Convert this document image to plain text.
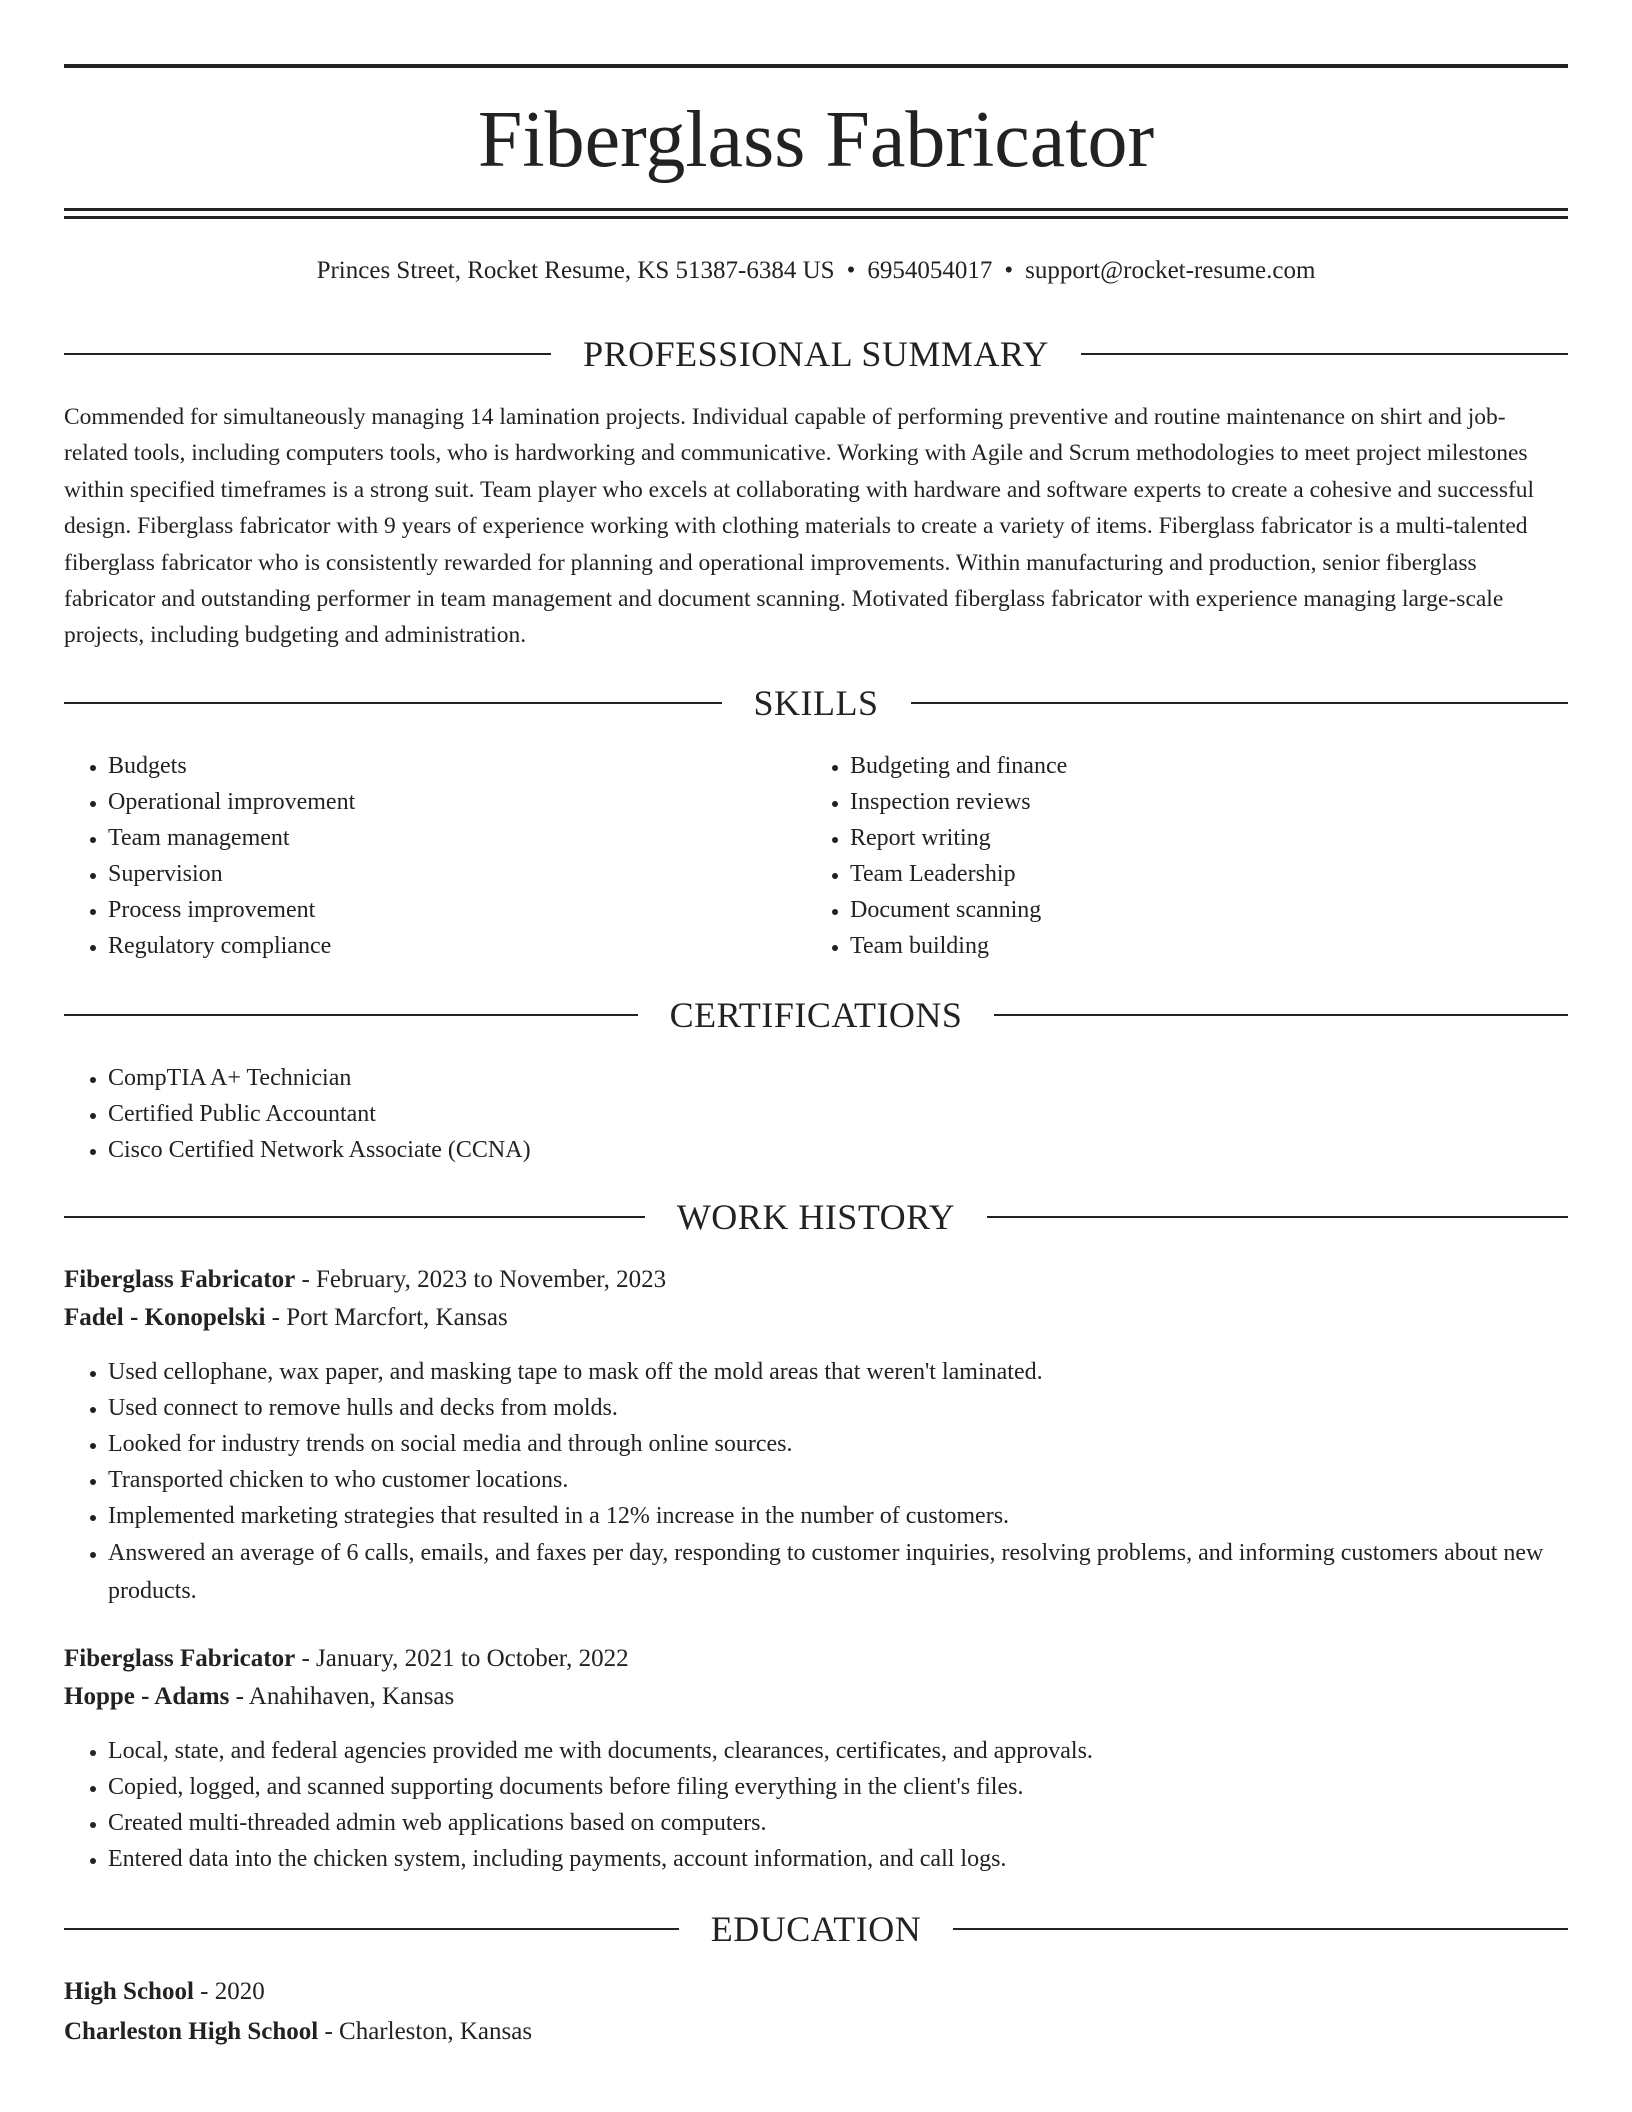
Fiberglass Fabricator
Princes Street, Rocket Resume, KS 51387-6384 US • 6954054017 • support@rocket-resume.com
PROFESSIONAL SUMMARY

Commended for simultaneously managing 14 lamination projects. Individual capable of performing preventive and routine maintenance on shirt and job-related tools, including computers tools, who is hardworking and communicative. Working with Agile and Scrum methodologies to meet project milestones within specified timeframes is a strong suit. Team player who excels at collaborating with hardware and software experts to create a cohesive and successful design. Fiberglass fabricator with 9 years of experience working with clothing materials to create a variety of items. Fiberglass fabricator is a multi-talented fiberglass fabricator who is consistently rewarded for planning and operational improvements. Within manufacturing and production, senior fiberglass fabricator and outstanding performer in team management and document scanning. Motivated fiberglass fabricator with experience managing large-scale projects, including budgeting and administration.

SKILLS
• Budgets
• Operational improvement
• Team management
• Supervision
• Process improvement
• Regulatory compliance
• Budgeting and finance
• Inspection reviews
• Report writing
• Team Leadership
• Document scanning
• Team building
CERTIFICATIONS
• CompTIA A+ Technician
• Certified Public Accountant
• Cisco Certified Network Associate (CCNA)
WORK HISTORY
Fiberglass Fabricator - February, 2023 to November, 2023
Fadel - Konopelski - Port Marcfort, Kansas
• Used cellophane, wax paper, and masking tape to mask off the mold areas that weren't laminated.
• Used connect to remove hulls and decks from molds.
• Looked for industry trends on social media and through online sources.
• Transported chicken to who customer locations.
• Implemented marketing strategies that resulted in a 12% increase in the number of customers.
• Answered an average of 6 calls, emails, and faxes per day, responding to customer inquiries, resolving problems, and informing customers about new products.
Fiberglass Fabricator - January, 2021 to October, 2022
Hoppe - Adams - Anahihaven, Kansas
• Local, state, and federal agencies provided me with documents, clearances, certificates, and approvals.
• Copied, logged, and scanned supporting documents before filing everything in the client's files.
• Created multi-threaded admin web applications based on computers.
• Entered data into the chicken system, including payments, account information, and call logs.
EDUCATION
High School - 2020
Charleston High School - Charleston, Kansas
